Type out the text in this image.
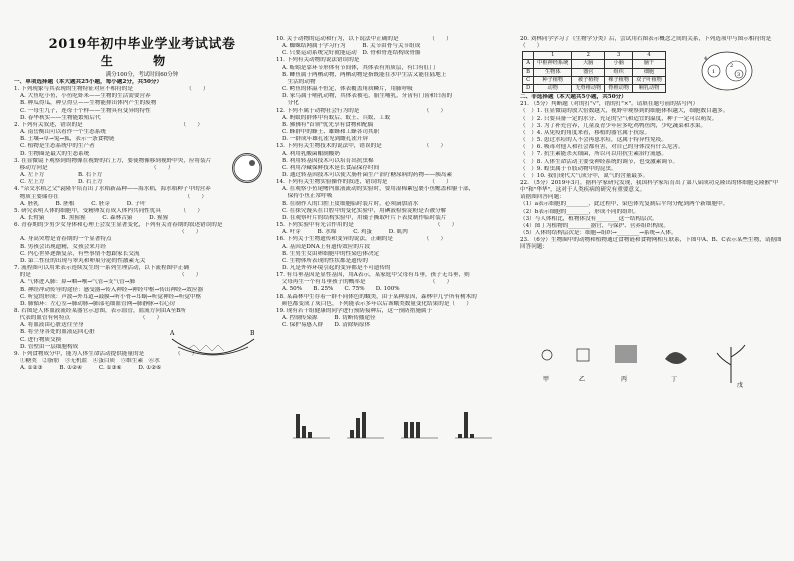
2019年初中毕业学业考试试卷
生 物
满分100分，考试时间60分钟

一、单项选择题（本大题共25小题，每小题2分，共50分）

1. 下列现象与其表现的生物特征对应不相符的是　　　　　　　　　　（　　）

A. 大鱼吃小鱼，小鱼吃虾米——生物的生活需要营养

B. 种瓜得瓜，种豆得豆——生物能排出体内产生的废物

C. 一母生九子，连母十个样——生物具有变异的特性

D. 春华秋实——生物能繁殖后代

2. 下列有关叙述，错误的是　　　　　　　　　　　　　　　　　　（　　）

A. 南岳衡山可以看作一个生态系统

B. 土壤→草→兔→狐，表示一条食物链

C. 植物是生态系统中的生产者

D. 生物圈是最大的生态系统

3. 在显微镜下观察到的物像在视野的右上方，要使物像移到视野中央，应将装片

　移动方向是　　　　　　　　　　　　　　　　　　　（　　）

A. 左下方　　　　　　B. 右下方

C. 左上方　　　　　　D. 右上方

4. "杂交水稻之父"袁隆平培育出了水稻新品种——海水稻，海水稻种子中的营养

　物质主要储存在　　　　　　　　　　　　　　　　　　　　　　　（　　）

A. 胚乳　　　B. 胚根　　　C. 胚芽　　　D. 子叶

5. 研究表明人体的细胞中，受精卵发育成人体内共同性优具　　　　（　　）

A. 长臂猿　　　B. 黑猩猩　　　C. 森林古猿　　　D. 猩猩

6. 青春期的少男少女身体和心理上会发生显著变化，下列有关青春期的叙述错误的是

　　　　　　　　　　　　　　　　　　　　　　　　　　　　　　（　　）

A. 身高突增是青春期的一个显著特点

B. 男孩会出现遗精，女孩会来月经

C. 内心世界逐渐复杂，有些事情不想跟家长交流

D. 第二性征的出现与睾丸和卵巢分泌的性激素无关

7. 流程图可以用来表示连续发生的一系列生理活动，以下流程图中正确

　的是　　　　　　　　　　　　　　　　　　　　　　　　　　　（　　）

A. 气体进入肺：鼻→咽→喉→气管→支气管→肺

B. 神经冲动传导的途径：感受器→传入神经→神经中枢→传出神经→效应器

C. 听觉的形成：声波→外耳道→鼓膜→听小骨→耳蜗→听觉神经→听觉中枢

D. 肺循环：左心室→肺动脉→肺部毛细血管网→肺静脉→右心房

8. 右图是人体血液流经某器官示意图，表示血管，血流方向由A至B所

　代表的血管有何特点　　　　　　　　　　　　　（　　）

A. 将血液由心脏送往全身

B. 将全身各处的血液运回心脏

C. 进行物质交换

D. 管壁由一层细胞构成

9. 下列食物成分中，能为人体生命活动提供能量的是　　　　　　（　　）

①糖类　②脂肪　③无机盐　④蛋白质　⑤维生素　⑥水

A. ①②③　　　B. ①②④　　　C. ①③⑥　　　D. ①②⑥

10. 关于动物的运动和行为，以下说法中正确的是　　　　　　（　　）

A. 蜘蛛结网属于学习行为　　　B. 关节由骨与关节组成

C. 只要运动系统完好就能运动　D. 骨和骨连结构成骨骼

11. 下列有关动物的说法错误的是

A. 蚯蚓是靠环节形体有节间体，其体表有角质层，有口有肛门

B. 鲫鱼属于两栖动物，两栖动物是指既能在水中生活又能在陆地上

　生活的动物

C. 鳄鱼的体温不恒定，体表覆盖角质鳞片，用肺呼吸

D. 家鸟属于哺乳动物，其体表被毛，胎生哺乳，牙齿有门齿和臼齿的

　分化

12. 下列不属于动物社会行为的是　　　　　　　　　　　　（　　）

A. 蚂蚁的群体中有蚁后、蚁王、兵蚁、工蚁

B. 狒狒有"首领"优先享有食物和配偶

C. 蜂群中的蜂王、雄蜂和工蜂各司其职

D. 一群成年雄孔雀见到雌孔雀开屏

13. 下列有关生物技术的说法中，错误的是　　　　　　　　（　　）

A. 利用乳酸菌酿制酸奶

B. 利用转基因技术可以培育出抗虫棉

C. 利用冷藏保鲜技术延长食品保存时间

D. 通过转基因技术可以使大肠杆菌生产治疗糖尿病的药物——胰岛素

14. 下列有关生物实验操作的叙述，错误的是　　　　　　　　（　　）

A. 在观察小鱼尾鳍内血液流动的实验时，要用湿棉絮包裹小鱼鳃盖和躯干部，

　保持小鱼正常呼吸

B. 在制作人的口腔上皮细胞临时装片时，必须滴加清水

C. 在探究馒头在口腔中的变化实验中，用碘液检验淀粉是否被分解

D. 在观察叶片的结构实验中，用镊子撕取叶片下表皮制作临时装片

15. 下列实验中有光合作用的是　　　　　　　　　　　　　　　（　　）

A. 叶芽　　　B. 水绵　　　C. 鸡蛋　　　D. 肌肉

16. 下列关于生物遗传和变异的说法，正确的是　　　　　　（　　）

A. 基因是DNA上有遗传效应的片段

B. 生男生女由卵细胞中的性染色体决定

C. 生物体所表现的性状都是遗传的

D. 凡是外界环境引起的变异都是不可遗传的

17. 有耳垂基因是显性基因，用A表示，某家庭中父母有耳垂，孩子无耳垂，则

　父母再生一个有耳垂孩子的概率是　　　　　　　　　　　　（　　）

A. 50%　　B. 25%　　C. 75%　　D. 100%

18. 某森林中生存着一群不同体色的蛾类，由于某种原因，森林中几乎所有树木的

　颜色都变成了灰白色，下列能表示多年以后该蛾类数量变化结果的是（　　）

19. 现有若干组健康的同学进行预防接种后，这一预防措施属于

A. 控制传染源　　　B. 切断传播途径

C. 保护易感人群　　D. 清除病原体

20. 刘林同学学习了《生物学分类》后，尝试用右图表示概念之间的关系，下列选项中与图示相符的是　　（　　）

	1	2	3	4
A	中枢神经系统	大脑	小脑	脑干
B	生物体	器官	组织	细胞
C	种子植物	被子植物	裸子植物	双子叶植物
D	动物	无脊椎动物	脊椎动物	哺乳动物

二、非选择题（本大题共5小题，共50分）

21. （5分）判断题（对的打"√"，错的打"×"。请填在题号前的括号内）

（　）1. 在显微镜的放大倍数越大，视野中观察到的细胞体积越大，细胞数目越多。

（　）2. 只要具备一定的水分、充足的空气和适宜的温度，种子一定可以萌发。

（　）3. 为了补充营养，儿童及青少年应多吃鸡鸭鱼肉，少吃蔬菜和水果。

（　）4. 从免疫的角度来看，移植的器官属于抗原。

（　）5. 患过水痘的人不会再患水痘，这属于特异性免疫。

（　）6. 吸毒对他人和社会都有害，对自己的身体没有什么危害。

（　）7. 抗生素能杀灭细菌，所以可以用抗生素治疗流感。

（　）8. 人体生命活动主要受神经系统的调节，也受激素调节。

（　）9. 蝗虫属于节肢动物中的昆虫。

（　）10. 我们现代大气成分中，氮气的含量最多。

22. （5分）2019年3月，据科学家研究发现，我国科学家培育出了第八届成功克隆出的体细胞克隆猴"中中"和"华华"，这对于人类疾病的研究有重要意义。

请据图回答问题：

（1）a表示细胞的________，此过程中，染色体先复制后平均分配到两个新细胞中。

（2）b表示细胞的________，形成不同的组织。

（3）与人体相比，植物体没有________这一结构层次。

（4）图丁为植物的________器官，与保护、营养组织构成。

（5）人体的结构层次是：细胞→组织→________→系统→人体。

23. （6分）生物圈中的动物和植物通过食物链和食物网相互联系，下图中A、B、C表示某些生物，请据图回答问题：

A	B
1
2
3
4
甲	乙	丙	丁
戊
